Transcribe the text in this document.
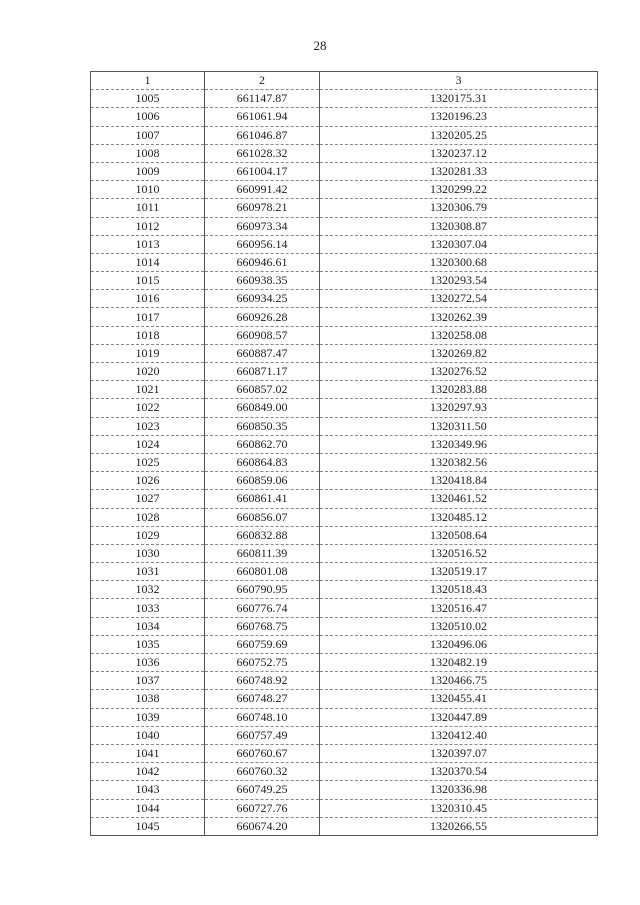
28
1	2	3
1005	661147.87	1320175.31
1006	661061.94	1320196.23
1007	661046.87	1320205.25
1008	661028.32	1320237.12
1009	661004.17	1320281.33
1010	660991.42	1320299.22
1011	660978.21	1320306.79
1012	660973.34	1320308.87
1013	660956.14	1320307.04
1014	660946.61	1320300.68
1015	660938.35	1320293.54
1016	660934.25	1320272.54
1017	660926.28	1320262.39
1018	660908.57	1320258.08
1019	660887.47	1320269.82
1020	660871.17	1320276.52
1021	660857.02	1320283.88
1022	660849.00	1320297.93
1023	660850.35	1320311.50
1024	660862.70	1320349.96
1025	660864.83	1320382.56
1026	660859.06	1320418.84
1027	660861.41	1320461.52
1028	660856.07	1320485.12
1029	660832.88	1320508.64
1030	660811.39	1320516.52
1031	660801.08	1320519.17
1032	660790.95	1320518.43
1033	660776.74	1320516.47
1034	660768.75	1320510.02
1035	660759.69	1320496.06
1036	660752.75	1320482.19
1037	660748.92	1320466.75
1038	660748.27	1320455.41
1039	660748.10	1320447.89
1040	660757.49	1320412.40
1041	660760.67	1320397.07
1042	660760.32	1320370.54
1043	660749.25	1320336.98
1044	660727.76	1320310.45
1045	660674.20	1320266.55
